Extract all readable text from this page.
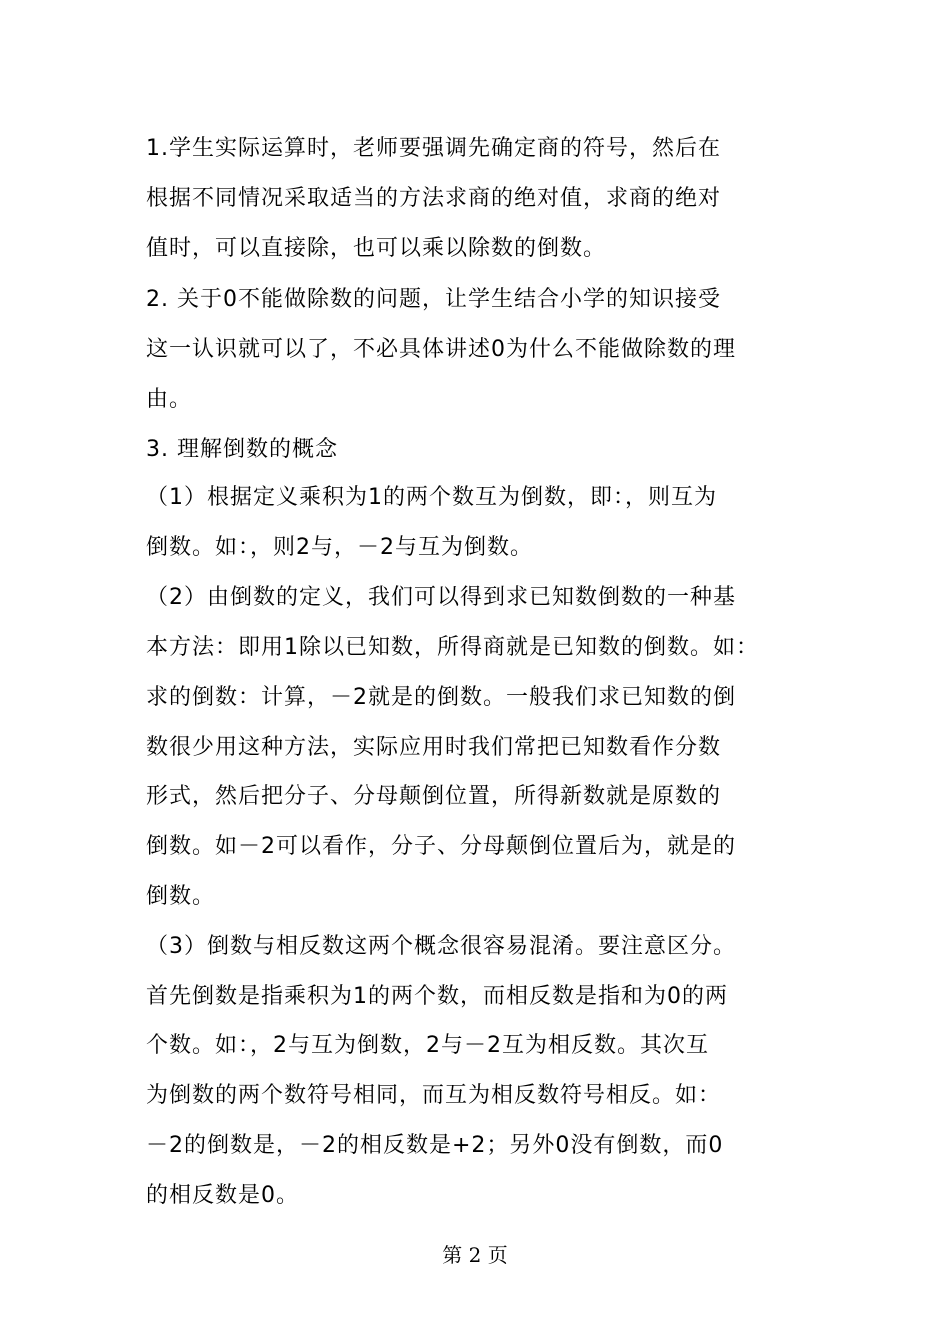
1.学生实际运算时，老师要强调先确定商的符号，然后在
根据不同情况采取适当的方法求商的绝对值，求商的绝对
值时，可以直接除，也可以乘以除数的倒数。
2. 关于0不能做除数的问题，让学生结合小学的知识接受
这一认识就可以了，不必具体讲述0为什么不能做除数的理
由。
3. 理解倒数的概念
（1）根据定义乘积为1的两个数互为倒数，即：，则互为
倒数。如：，则2与，－2与互为倒数。
（2）由倒数的定义，我们可以得到求已知数倒数的一种基
本方法：即用1除以已知数，所得商就是已知数的倒数。如：
求的倒数：计算，－2就是的倒数。一般我们求已知数的倒
数很少用这种方法，实际应用时我们常把已知数看作分数
形式，然后把分子、分母颠倒位置，所得新数就是原数的
倒数。如－2可以看作，分子、分母颠倒位置后为，就是的
倒数。
（3）倒数与相反数这两个概念很容易混淆。要注意区分。
首先倒数是指乘积为1的两个数，而相反数是指和为0的两
个数。如：，2与互为倒数，2与－2互为相反数。其次互
为倒数的两个数符号相同，而互为相反数符号相反。如：
－2的倒数是，－2的相反数是+2；另外0没有倒数，而0
的相反数是0。
第 2 页
